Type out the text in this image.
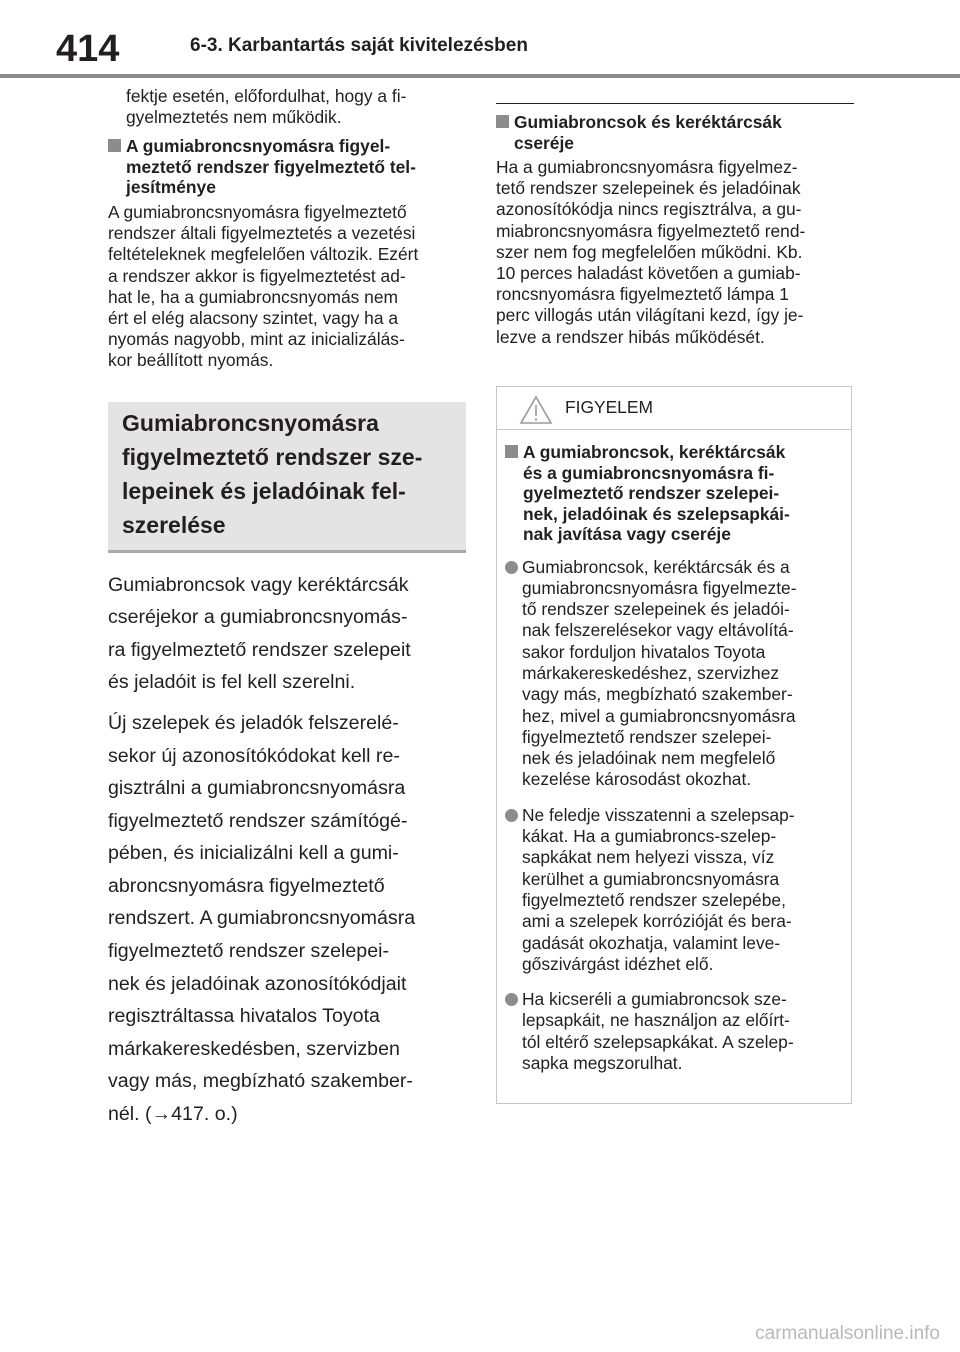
414	6-3. Karbantartás saját kivitelezésben
fektje esetén, előfordulhat, hogy a fi-
gyelmeztetés nem működik.
A gumiabroncsnyomásra figyel-
meztető rendszer figyelmeztető tel-
jesítménye
A gumiabroncsnyomásra figyelmeztető
rendszer általi figyelmeztetés a vezetési
feltételeknek megfelelően változik. Ezért
a rendszer akkor is figyelmeztetést ad-
hat le, ha a gumiabroncsnyomás nem
ért el elég alacsony szintet, vagy ha a
nyomás nagyobb, mint az inicializálás-
kor beállított nyomás.
Gumiabroncsnyomásra
figyelmeztető rendszer sze-
lepeinek és jeladóinak fel-
szerelése
Gumiabroncsok vagy keréktárcsák
cseréjekor a gumiabroncsnyomás-
ra figyelmeztető rendszer szelepeit
és jeladóit is fel kell szerelni.
Új szelepek és jeladók felszerelé-
sekor új azonosítókódokat kell re-
gisztrálni a gumiabroncsnyomásra
figyelmeztető rendszer számítógé-
pében, és inicializálni kell a gumi-
abroncsnyomásra figyelmeztető
rendszert. A gumiabroncsnyomásra
figyelmeztető rendszer szelepei-
nek és jeladóinak azonosítókódjait
regisztráltassa hivatalos Toyota
márkakereskedésben, szervizben
vagy más, megbízható szakember-
nél. (→417. o.)
Gumiabroncsok és keréktárcsák
cseréje
Ha a gumiabroncsnyomásra figyelmez-
tető rendszer szelepeinek és jeladóinak
azonosítókódja nincs regisztrálva, a gu-
miabroncsnyomásra figyelmeztető rend-
szer nem fog megfelelően működni. Kb.
10 perces haladást követően a gumiab-
roncsnyomásra figyelmeztető lámpa 1
perc villogás után világítani kezd, így je-
lezve a rendszer hibás működését.
FIGYELEM
A gumiabroncsok, keréktárcsák
és a gumiabroncsnyomásra fi-
gyelmeztető rendszer szelepei-
nek, jeladóinak és szelepsapkái-
nak javítása vagy cseréje
Gumiabroncsok, keréktárcsák és a
gumiabroncsnyomásra figyelmezte-
tő rendszer szelepeinek és jeladói-
nak felszerelésekor vagy eltávolítá-
sakor forduljon hivatalos Toyota
márkakereskedéshez, szervizhez
vagy más, megbízható szakember-
hez, mivel a gumiabroncsnyomásra
figyelmeztető rendszer szelepei-
nek és jeladóinak nem megfelelő
kezelése károsodást okozhat.
Ne feledje visszatenni a szelepsap-
kákat. Ha a gumiabroncs-szelep-
sapkákat nem helyezi vissza, víz
kerülhet a gumiabroncsnyomásra
figyelmeztető rendszer szelepébe,
ami a szelepek korrózióját és bera-
gadását okozhatja, valamint leve-
gőszivárgást idézhet elő.
Ha kicseréli a gumiabroncsok sze-
lepsapkáit, ne használjon az előírt-
tól eltérő szelepsapkákat. A szelep-
sapka megszorulhat.
carmanualsonline.info
